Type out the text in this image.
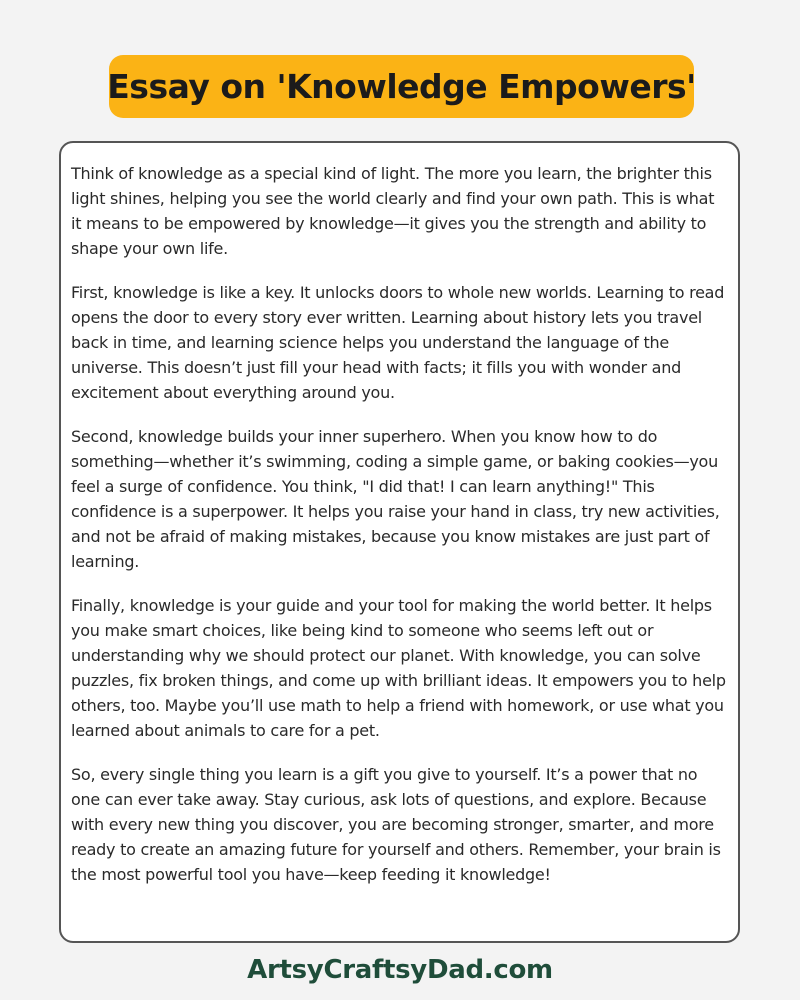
Essay on 'Knowledge Empowers'

Think of knowledge as a special kind of light. The more you learn, the brighter this light shines, helping you see the world clearly and find your own path. This is what it means to be empowered by knowledge—it gives you the strength and ability to shape your own life.

First, knowledge is like a key. It unlocks doors to whole new worlds. Learning to read opens the door to every story ever written. Learning about history lets you travel back in time, and learning science helps you understand the language of the universe. This doesn’t just fill your head with facts; it fills you with wonder and excitement about everything around you.

Second, knowledge builds your inner superhero. When you know how to do something—whether it’s swimming, coding a simple game, or baking cookies—you feel a surge of confidence. You think, "I did that! I can learn anything!" This confidence is a superpower. It helps you raise your hand in class, try new activities, and not be afraid of making mistakes, because you know mistakes are just part of learning.

Finally, knowledge is your guide and your tool for making the world better. It helps you make smart choices, like being kind to someone who seems left out or understanding why we should protect our planet. With knowledge, you can solve puzzles, fix broken things, and come up with brilliant ideas. It empowers you to help others, too. Maybe you’ll use math to help a friend with homework, or use what you learned about animals to care for a pet.

So, every single thing you learn is a gift you give to yourself. It’s a power that no one can ever take away. Stay curious, ask lots of questions, and explore. Because with every new thing you discover, you are becoming stronger, smarter, and more ready to create an amazing future for yourself and others. Remember, your brain is the most powerful tool you have—keep feeding it knowledge!

ArtsyCraftsyDad.com
